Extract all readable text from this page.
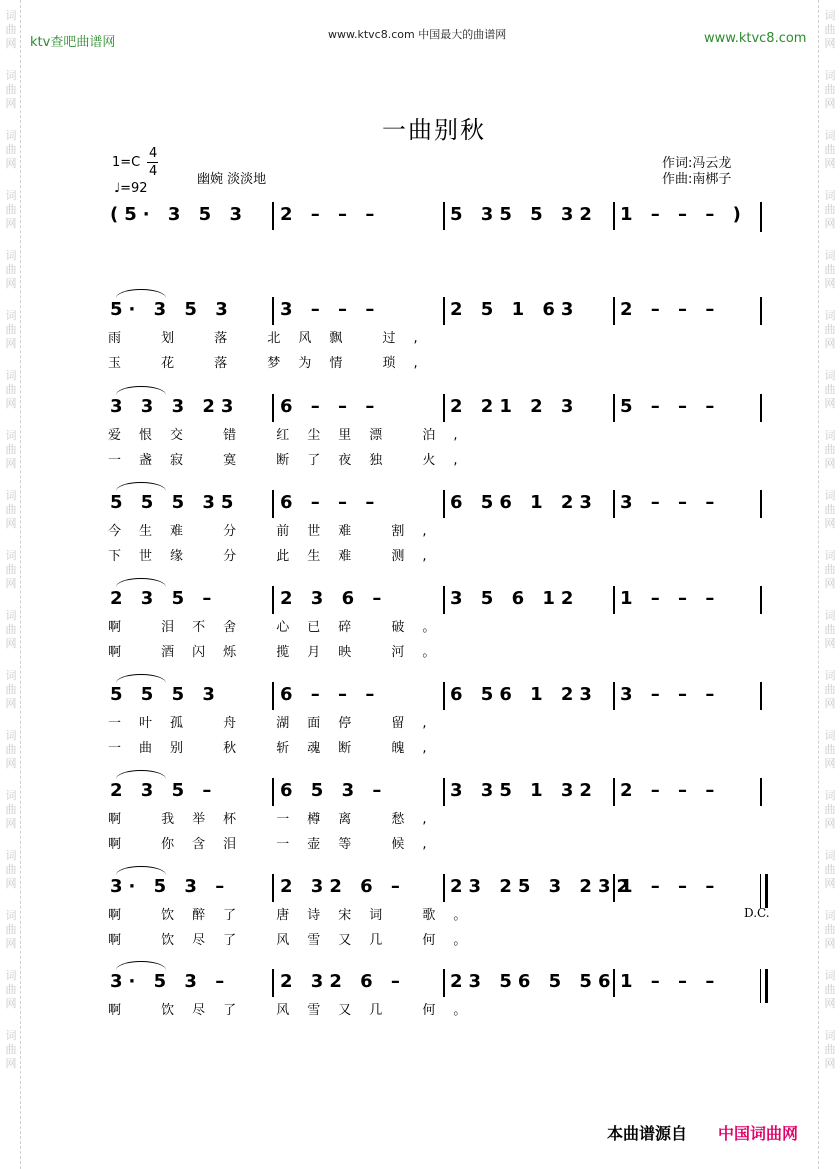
词
曲
网
词
曲
网
词
曲
网
词
曲
网
词
曲
网
词
曲
网
词
曲
网
词
曲
网
词
曲
网
词
曲
网
词
曲
网
词
曲
网
词
曲
网
词
曲
网
词
曲
网
词
曲
网
词
曲
网
词
曲
网
词
曲
网
词
曲
网
词
曲
网
词
曲
网
词
曲
网
词
曲
网
词
曲
网
词
曲
网
词
曲
网
词
曲
网
词
曲
网
词
曲
网
词
曲
网
词
曲
网
词
曲
网
词
曲
网
词
曲
网
词
曲
网
ktv查吧曲谱网
www.ktvc8.com 中国最大的曲谱网	www.ktvc8.com
一曲别秋
1=C
4
4
♩=92
幽婉 淡淡地
作词:冯云龙
作曲:南梆子
(5· 3 5 3 2 – – –	5 35 5 32 1 – – – )
5· 3 5 3	3 – – –	2 5 1 63 2 – – –
雨 划 落 北风飘 过,
玉 花 落 梦为情 琐,
3 3 3 23 6 – – –	2 21 2 3 5 – – –
爱恨交 错 红尘里漂 泊,
一盏寂 寞 断了夜独 火,
5 5 5 35 6 – – –	6 56 1 23 3 – – –
今生难 分 前世难 割,
下世缘 分 此生难 测,
2 3 5 –	2 3 6 –	3 5 6 12 1 – – –
啊 泪不舍 心已碎 破。
啊 酒闪烁 揽月映 河。
5 5 5 3	6 – – –	6 56 1 23 3 – – –
一叶孤 舟 湖面停 留,
一曲别 秋 斩魂断 魄,
2 3 5 –	6 5 3 –	3 35 1 32 2 – – –
啊 我举杯 一樽离 愁,
啊 你含泪 一壶等 候,
3· 5 3 –	2 32 6 – 23 25 3 232
1 – – –
啊 饮醉了 唐诗宋词 歌。
啊 饮尽了 风雪又几 何。
3· 5 3 –	2 32 6 – 23 56 5 56 1 – – –
啊 饮尽了 风雪又几 何。
D.C.
本曲谱源自 中国词曲网
